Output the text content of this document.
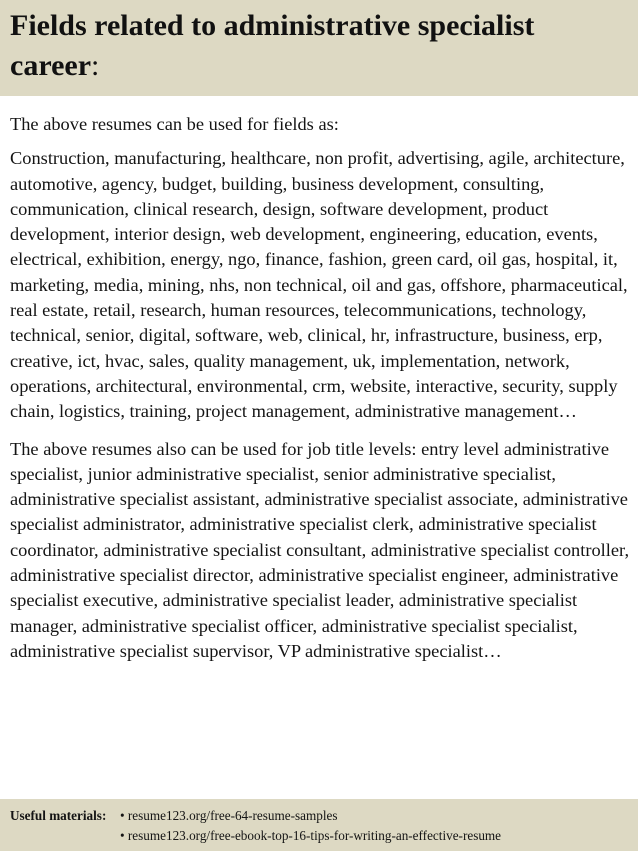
Fields related to administrative specialist career:

The above resumes can be used for fields as:

Construction, manufacturing, healthcare, non profit, advertising, agile, architecture, automotive, agency, budget, building, business development, consulting, communication, clinical research, design, software development, product development, interior design, web development, engineering, education, events, electrical, exhibition, energy, ngo, finance, fashion, green card, oil gas, hospital, it, marketing, media, mining, nhs, non technical, oil and gas, offshore, pharmaceutical, real estate, retail, research, human resources, telecommunications, technology, technical, senior, digital, software, web, clinical, hr, infrastructure, business, erp, creative, ict, hvac, sales, quality management, uk, implementation, network, operations, architectural, environmental, crm, website, interactive, security, supply chain, logistics, training, project management, administrative management…

The above resumes also can be used for job title levels: entry level administrative specialist, junior administrative specialist, senior administrative specialist, administrative specialist assistant, administrative specialist associate, administrative specialist administrator, administrative specialist clerk, administrative specialist coordinator, administrative specialist consultant, administrative specialist controller, administrative specialist director, administrative specialist engineer, administrative specialist executive, administrative specialist leader, administrative specialist manager, administrative specialist officer, administrative specialist specialist, administrative specialist supervisor, VP administrative specialist…

Useful materials: • resume123.org/free-64-resume-samples
• resume123.org/free-ebook-top-16-tips-for-writing-an-effective-resume
